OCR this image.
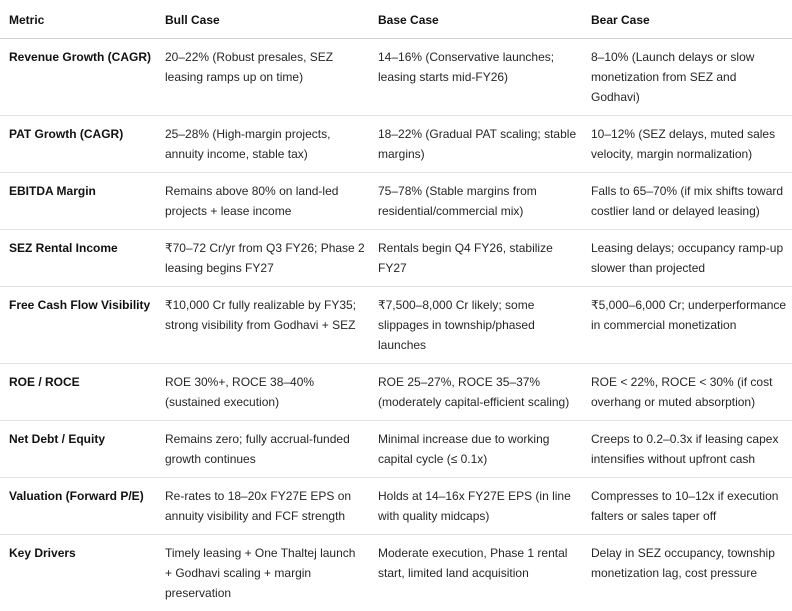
Metric	Bull Case	Base Case	Bear Case
Revenue Growth (CAGR)	20–22% (Robust presales, SEZ leasing ramps up on time)	14–16% (Conservative launches; leasing starts mid-FY26)	8–10% (Launch delays or slow monetization from SEZ and Godhavi)
PAT Growth (CAGR)	25–28% (High-margin projects, annuity income, stable tax)	18–22% (Gradual PAT scaling; stable margins)	10–12% (SEZ delays, muted sales velocity, margin normalization)
EBITDA Margin	Remains above 80% on land-led projects + lease income	75–78% (Stable margins from residential/commercial mix)	Falls to 65–70% (if mix shifts toward costlier land or delayed leasing)
SEZ Rental Income	₹70–72 Cr/yr from Q3 FY26; Phase 2 leasing begins FY27	Rentals begin Q4 FY26, stabilize FY27	Leasing delays; occupancy ramp-up slower than projected
Free Cash Flow Visibility	₹10,000 Cr fully realizable by FY35; strong visibility from Godhavi + SEZ	₹7,500–8,000 Cr likely; some slippages in township/phased launches	₹5,000–6,000 Cr; underperformance in commercial monetization
ROE / ROCE	ROE 30%+, ROCE 38–40% (sustained execution)	ROE 25–27%, ROCE 35–37% (moderately capital-efficient scaling)	ROE < 22%, ROCE < 30% (if cost overhang or muted absorption)
Net Debt / Equity	Remains zero; fully accrual-funded growth continues	Minimal increase due to working capital cycle (≤ 0.1x)	Creeps to 0.2–0.3x if leasing capex intensifies without upfront cash
Valuation (Forward P/E)	Re-rates to 18–20x FY27E EPS on annuity visibility and FCF strength	Holds at 14–16x FY27E EPS (in line with quality midcaps)	Compresses to 10–12x if execution falters or sales taper off
Key Drivers	Timely leasing + One Thaltej launch + Godhavi scaling + margin preservation	Moderate execution, Phase 1 rental start, limited land acquisition	Delay in SEZ occupancy, township monetization lag, cost pressure
